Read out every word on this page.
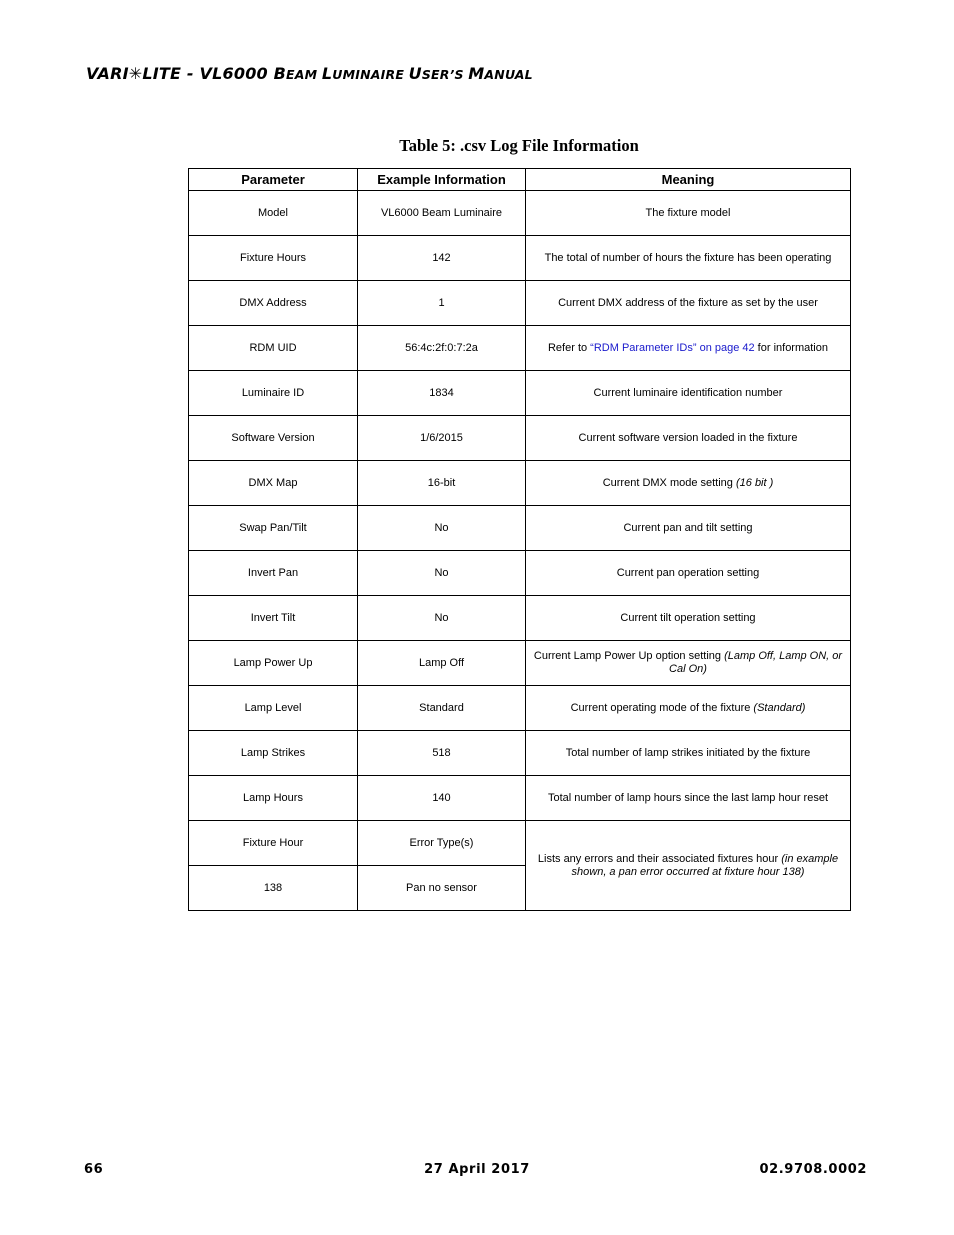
VARI✳LITE - VL6000 BEAM LUMINAIRE USER’S MANUAL
Table 5: .csv Log File Information
Parameter	Example Information	Meaning
Model	VL6000 Beam Luminaire	The fixture model
Fixture Hours	142	The total of number of hours the fixture has been operating
DMX Address	1	Current DMX address of the fixture as set by the user
RDM UID	56:4c:2f:0:7:2a	Refer to “RDM Parameter IDs” on page 42 for information
Luminaire ID	1834	Current luminaire identification number
Software Version	1/6/2015	Current software version loaded in the fixture
DMX Map	16-bit	Current DMX mode setting (16 bit )
Swap Pan/Tilt	No	Current pan and tilt setting
Invert Pan	No	Current pan operation setting
Invert Tilt	No	Current tilt operation setting
Lamp Power Up	Lamp Off	Current Lamp Power Up option setting (Lamp Off, Lamp ON, or Cal On)
Lamp Level	Standard	Current operating mode of the fixture (Standard)
Lamp Strikes	518	Total number of lamp strikes initiated by the fixture
Lamp Hours	140	Total number of lamp hours since the last lamp hour reset
Fixture Hour	Error Type(s)	Lists any errors and their associated fixtures hour (in example shown, a pan error occurred at fixture hour 138)
138	Pan no sensor	
66	27 April 2017	02.9708.0002
